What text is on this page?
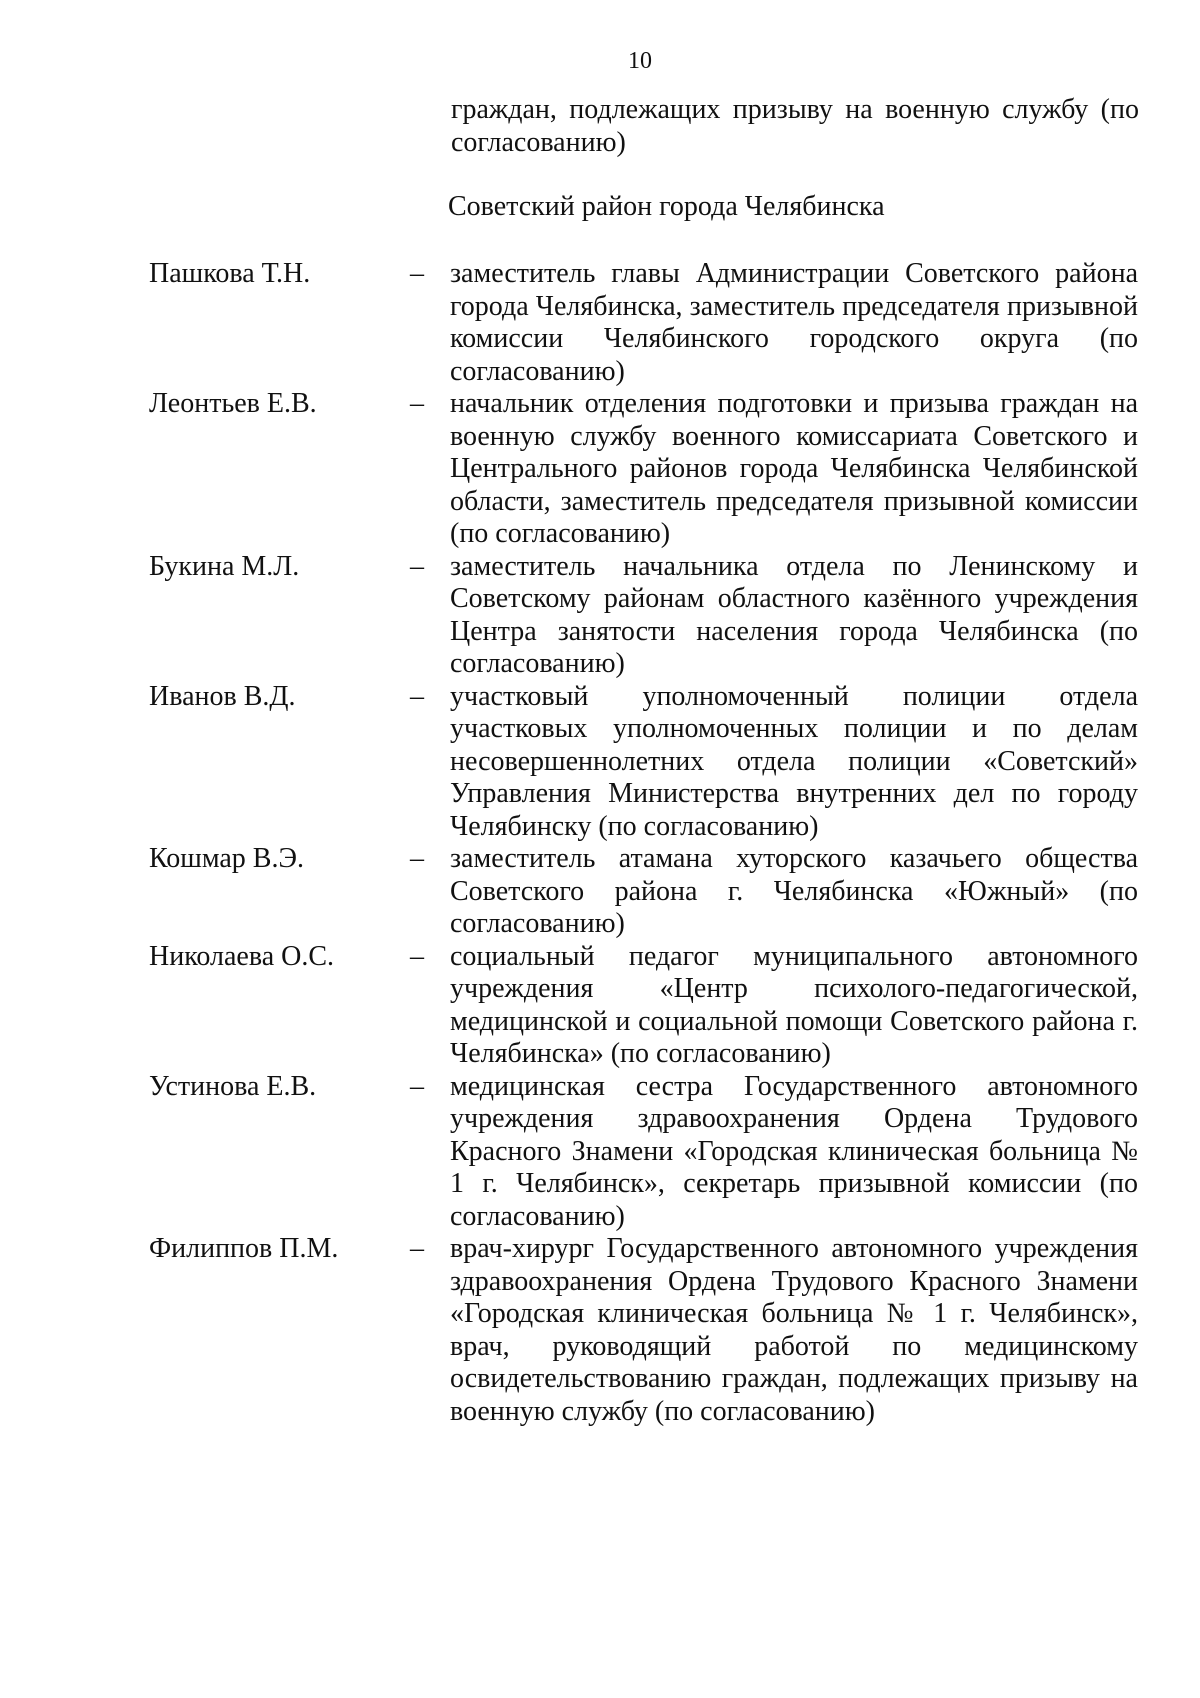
10
граждан, подлежащих призыву на военную службу (по согласованию)
Советский район города Челябинска
Пашкова Т.Н.	– заместитель главы Администрации Советского района города Челябинска, заместитель председателя призывной комиссии Челябинского городского округа (по согласованию)
Леонтьев Е.В.	– начальник отделения подготовки и призыва граждан на военную службу военного комиссариата Советского и Центрального районов города Челябинска Челябинской области, заместитель председателя призывной комиссии (по согласованию)
Букина М.Л.	– заместитель начальника отдела по Ленинскому и Советскому районам областного казённого учреждения Центра занятости населения города Челябинска (по согласованию)
Иванов В.Д.	– участковый уполномоченный полиции отдела участковых уполномоченных полиции и по делам несовершеннолетних отдела полиции «Советский» Управления Министерства внутренних дел по городу Челябинску (по согласованию)
Кошмар В.Э.	– заместитель атамана хуторского казачьего общества Советского района г. Челябинска «Южный» (по согласованию)
Николаева О.С.	– социальный педагог муниципального автономного учреждения «Центр психолого-педагогической, медицинской и социальной помощи Советского района г. Челябинска» (по согласованию)
Устинова Е.В.	– медицинская сестра Государственного автономного учреждения здравоохранения Ордена Трудового Красного Знамени «Городская клиническая больница № 1 г. Челябинск», секретарь призывной комиссии (по согласованию)
Филиппов П.М.	– врач-хирург Государственного автономного учреждения здравоохранения Ордена Трудового Красного Знамени «Городская клиническая больница № 1 г. Челябинск», врач, руководящий работой по медицинскому освидетельствованию граждан, подлежащих призыву на военную службу (по согласованию)
